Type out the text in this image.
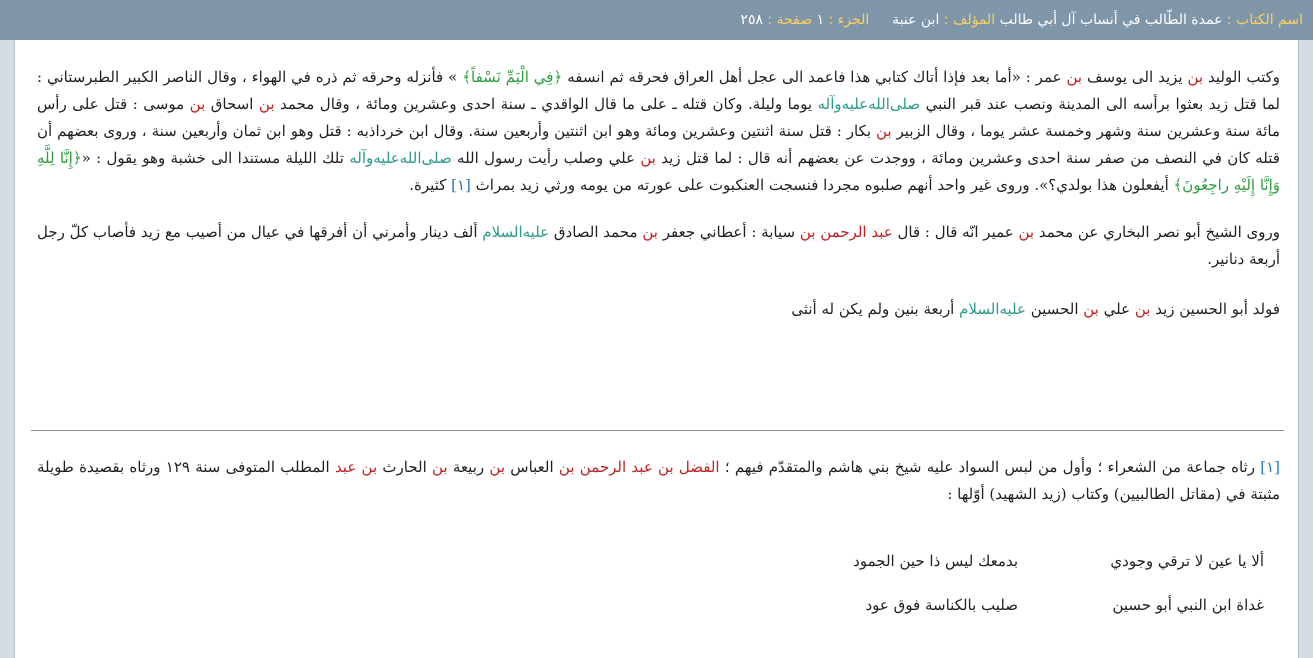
اسم الكتاب : عمدة الطّالب في أنساب آل أبي طالب المؤلف : ابن عنبة  الجزء : ١ صفحة : ٢٥٨

وكتب الوليد بن يزيد الى يوسف بن عمر : «أما بعد فإذا أتاك كتابي هذا فاعمد الى عجل أهل العراق فحرقه ثم انسفه ﴿فِي الْيَمِّ نَسْفاً﴾ » فأنزله وحرقه ثم ذره في الهواء ، وقال الناصر الكبير الطبرستاني : لما قتل زيد بعثوا برأسه الى المدينة ونصب عند قبر النبي صلى‌الله‌عليه‌وآله يوما وليلة. وكان قتله ـ على ما قال الواقدي ـ سنة احدى وعشرين ومائة ، وقال محمد بن اسحاق بن موسى : قتل على رأس مائة سنة وعشرين سنة وشهر وخمسة عشر يوما ، وقال الزبير بن بكار : قتل سنة اثنتين وعشرين ومائة وهو ابن اثنتين وأربعين سنة. وقال ابن خرداذبه : قتل وهو ابن ثمان وأربعين سنة ، وروى بعضهم أن قتله كان في النصف من صفر سنة احدى وعشرين ومائة ، ووجدت عن بعضهم أنه قال : لما قتل زيد بن علي وصلب رأيت رسول الله صلى‌الله‌عليه‌وآله تلك الليلة مستندا الى خشبة وهو يقول : «﴿إِنَّا لِلَّهِ وَإِنَّا إِلَيْهِ راجِعُونَ﴾ أيفعلون هذا بولدي؟». وروى غير واحد أنهم صلبوه مجردا فنسجت العنكبوت على عورته من يومه ورثي زيد بمراث [١] كثيرة.

وروى الشيخ أبو نصر البخاري عن محمد بن عمير انّه قال : قال عبد الرحمن بن سيابة : أعطاني جعفر بن محمد الصادق عليه‌السلام ألف دينار وأمرني أن أفرقها في عيال من أصيب مع زيد فأصاب كلّ رجل أربعة دنانير.

فولد أبو الحسين زيد بن علي بن الحسين عليه‌السلام أربعة بنين ولم يكن له أنثى

[١] رثاه جماعة من الشعراء ؛ وأول من لبس السواد عليه شيخ بني هاشم والمتقدّم فيهم ؛ الفضل بن عبد الرحمن بن العباس بن ربيعة بن الحارث بن عبد المطلب المتوفى سنة ١٢٩ ورثاه بقصيدة طويلة مثبتة في (مقاتل الطالبيين) وكتاب (زيد الشهيد) أوّلها :
ألا يا عين لا ترقي وجودي
بدمعك ليس ذا حين الجمود
غداة ابن النبي أبو حسين
صليب بالكناسة فوق عود
